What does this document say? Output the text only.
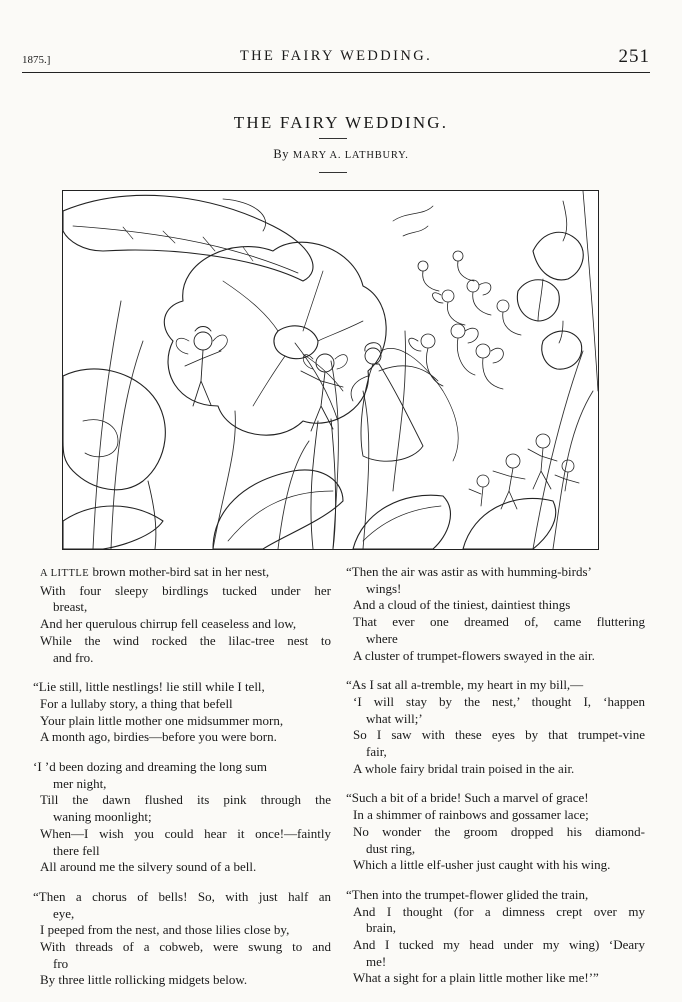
1875.]	THE FAIRY WEDDING.	251
THE FAIRY WEDDING.
By MARY A. LATHBURY.
A LITTLE brown mother-bird sat in her nest,
With four sleepy birdlings tucked under her
breast,
And her querulous chirrup fell ceaseless and low,
While the wind rocked the lilac-tree nest to
and fro.
“Lie still, little nestlings! lie still while I tell,
For a lullaby story, a thing that befell
Your plain little mother one midsummer morn,
A month ago, birdies—before you were born.
‘I ’d been dozing and dreaming the long sum
mer night,
Till the dawn flushed its pink through the
waning moonlight;
When—I wish you could hear it once!—faintly
there fell
All around me the silvery sound of a bell.
“Then a chorus of bells! So, with just half an
eye,
I peeped from the nest, and those lilies close by,
With threads of a cobweb, were swung to and
fro
By three little rollicking midgets below.
“Then the air was astir as with humming-birds’
wings!
And a cloud of the tiniest, daintiest things
That ever one dreamed of, came fluttering
where
A cluster of trumpet-flowers swayed in the air.
“As I sat all a-tremble, my heart in my bill,—
‘I will stay by the nest,’ thought I, ‘happen
what will;’
So I saw with these eyes by that trumpet-vine
fair,
A whole fairy bridal train poised in the air.
“Such a bit of a bride! Such a marvel of grace!
In a shimmer of rainbows and gossamer lace;
No wonder the groom dropped his diamond-
dust ring,
Which a little elf-usher just caught with his wing.
“Then into the trumpet-flower glided the train,
And I thought (for a dimness crept over my
brain,
And I tucked my head under my wing) ‘Deary
me!
What a sight for a plain little mother like me!’”
